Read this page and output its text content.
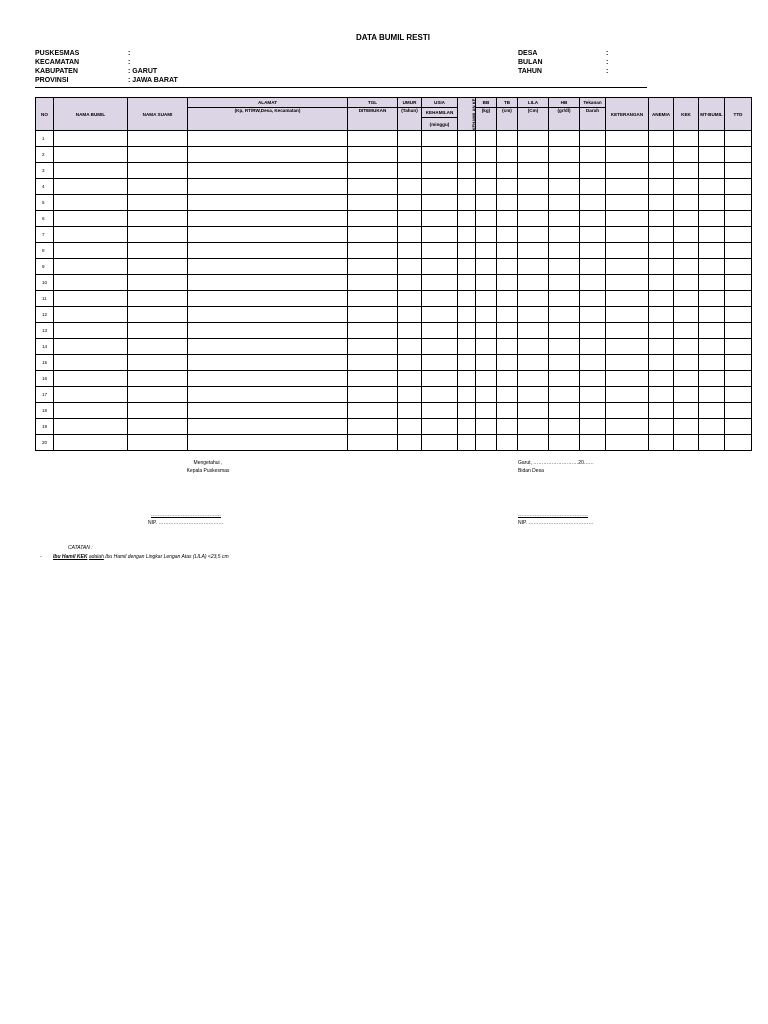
DATA BUMIL RESTI
PUSKESMAS	:
KECAMATAN	:
KABUPATEN	: GARUT
PROVINSI	: JAWA BARAT
DESA	:
BULAN	:
TAHUN	:
NO	NAMA BUMIL	NAMA SUAMI	ALAMAT	TGL	UMUR	USIA	KEHAMILAN KE	BB	TB	LILA	HB	Tekanan	KETERANGAN	ANEMIA	KEK	MT-BUMIL	TTD
			(Kp, RT/RW,Desa, Kecamatan)	DITEMUKAN	(Tahun)	KEHAMILAN		(kg)	(cm)	(Cm)	(gr/dl)	Darah					
						(minggu)											
1																	
2																	
3																	
4																	
5																	
6																	
7																	
8																	
9																	
10																	
11																	
12																	
13																	
14																	
15																	
16																	
17																	
18																	
19																	
20																	
Mengetahui ,
Kepala Puskesmas
……………………………………
NIP. …………………………………
Garut, ………………………20……
Bidan Desa
……………………………………
NIP. …………………………………
CATATAN :
- Ibu Hamil KEK adalah Ibu Hamil dengan Lingkar Lengan Atas (LILA) <23,5 cm
